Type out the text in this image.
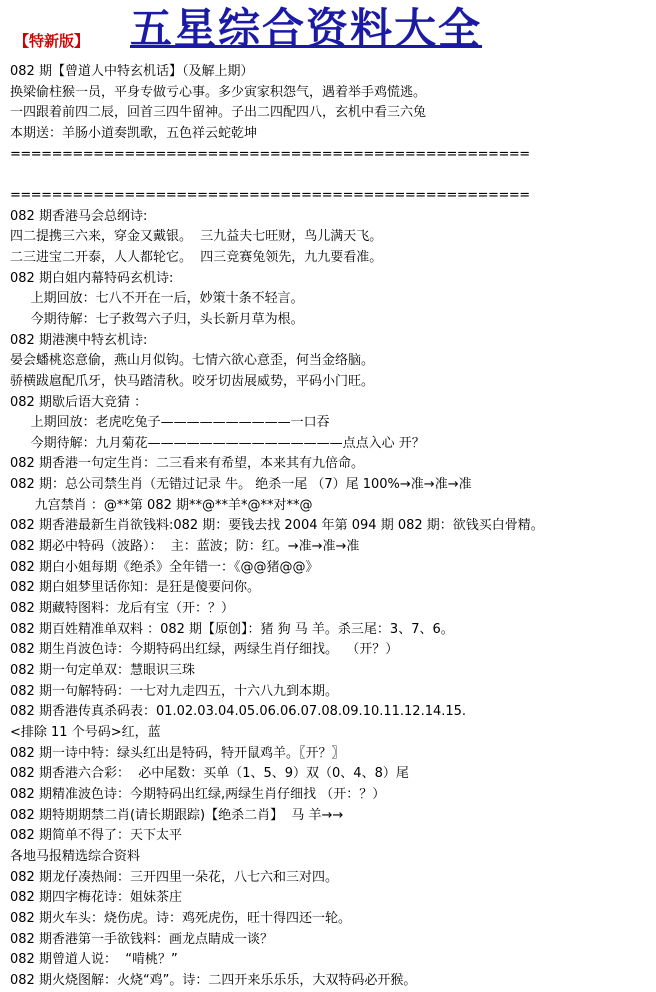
【特新版】 五星综合资料大全
082 期【曾道人中特玄机话】（及解上期）
换梁偷柱猴一员，平身专做亏心事。多少寅家积怨气，遇着举手鸡慌逃。
一四跟着前四二辰，回首三四牛留神。子出二四配四八，玄机中看三六兔
本期送：羊肠小道奏凯歌，五色祥云蛇乾坤
==================================================
==================================================
082 期香港马会总纲诗:
四二提携三六来，穿金又戴银。  三九益夫七旺财，鸟儿满天飞。
二三进宝二开泰，人人都轮它。  四三竞赛兔领先，九九要看准。
082 期白姐内幕特码玄机诗:
上期回放：七八不开在一后，妙策十条不轻言。
今期待解：七子救驾六子归，头长新月草为根。
082 期港澳中特玄机诗:
晏会蟠桃恣意偷，燕山月似钩。七情六欲心意歪，何当金络脑。
骄横跋扈配爪牙，快马踏清秋。咬牙切齿展威势，平码小门旺。
082 期歇后语大竞猜 ：
上期回放：老虎吃兔子——————————一口吞
今期待解：九月菊花———————————————点点入心 开？
082 期香港一句定生肖：二三看来有希望，本来其有九倍命。
082 期：总公司禁生肖（无错过记录 牛。 绝杀一尾 （7）尾 100%→准→准→准
九宫禁肖 ：@**第 082 期**@**羊*@**对**@
082 期香港最新生肖欲钱料:082 期：要钱去找 2004 年第 094 期 082 期：欲钱买白骨精。
082 期必中特码（波路）：  主：蓝波；防：红。→准→准→准
082 期白小姐每期《绝杀》全年错一：《@@猪@@》
082 期白姐梦里话你知：是狂是傻要问你。
082 期藏特图料：龙后有宝（开：？）
082 期百姓精准单双料 ：082 期【原创】：猪 狗 马 羊。杀三尾：3、7、6。
082 期生肖波色诗：今期特码出红绿，两绿生肖仔细找。  （开？）
082 期一句定单双：慧眼识三珠
082 期一句解特码：一七对九走四五，十六八九到本期。
082 期香港传真杀码表：01.02.03.04.05.06.06.07.08.09.10.11.12.14.15.
<排除 11 个号码>红，蓝
082 期一诗中特：绿头红出是特码，特开鼠鸡羊。〖开？〗
082 期香港六合彩：  必中尾数：买单（1、5、9）双（0、4、8）尾
082 期精准波色诗：今期特码出红绿,两绿生肖仔细找 （开：？）
082 期特期期禁二肖(请长期跟踪)【绝杀二肖】  马 羊→→
082 期简单不得了：天下太平
各地马报精选综合资料
082 期龙仔凑热闹：三开四里一朵花，八七六和三对四。
082 期四字梅花诗：姐妹茶庄
082 期火车头：烧伤虎。诗：鸡死虎伤，旺十得四还一轮。
082 期香港第一手欲钱料：画龙点睛成一谈？
082 期曾道人说：  “啃桃？”
082 期火烧图解：火烧“鸡”。诗：二四开来乐乐乐，大双特码必开猴。
